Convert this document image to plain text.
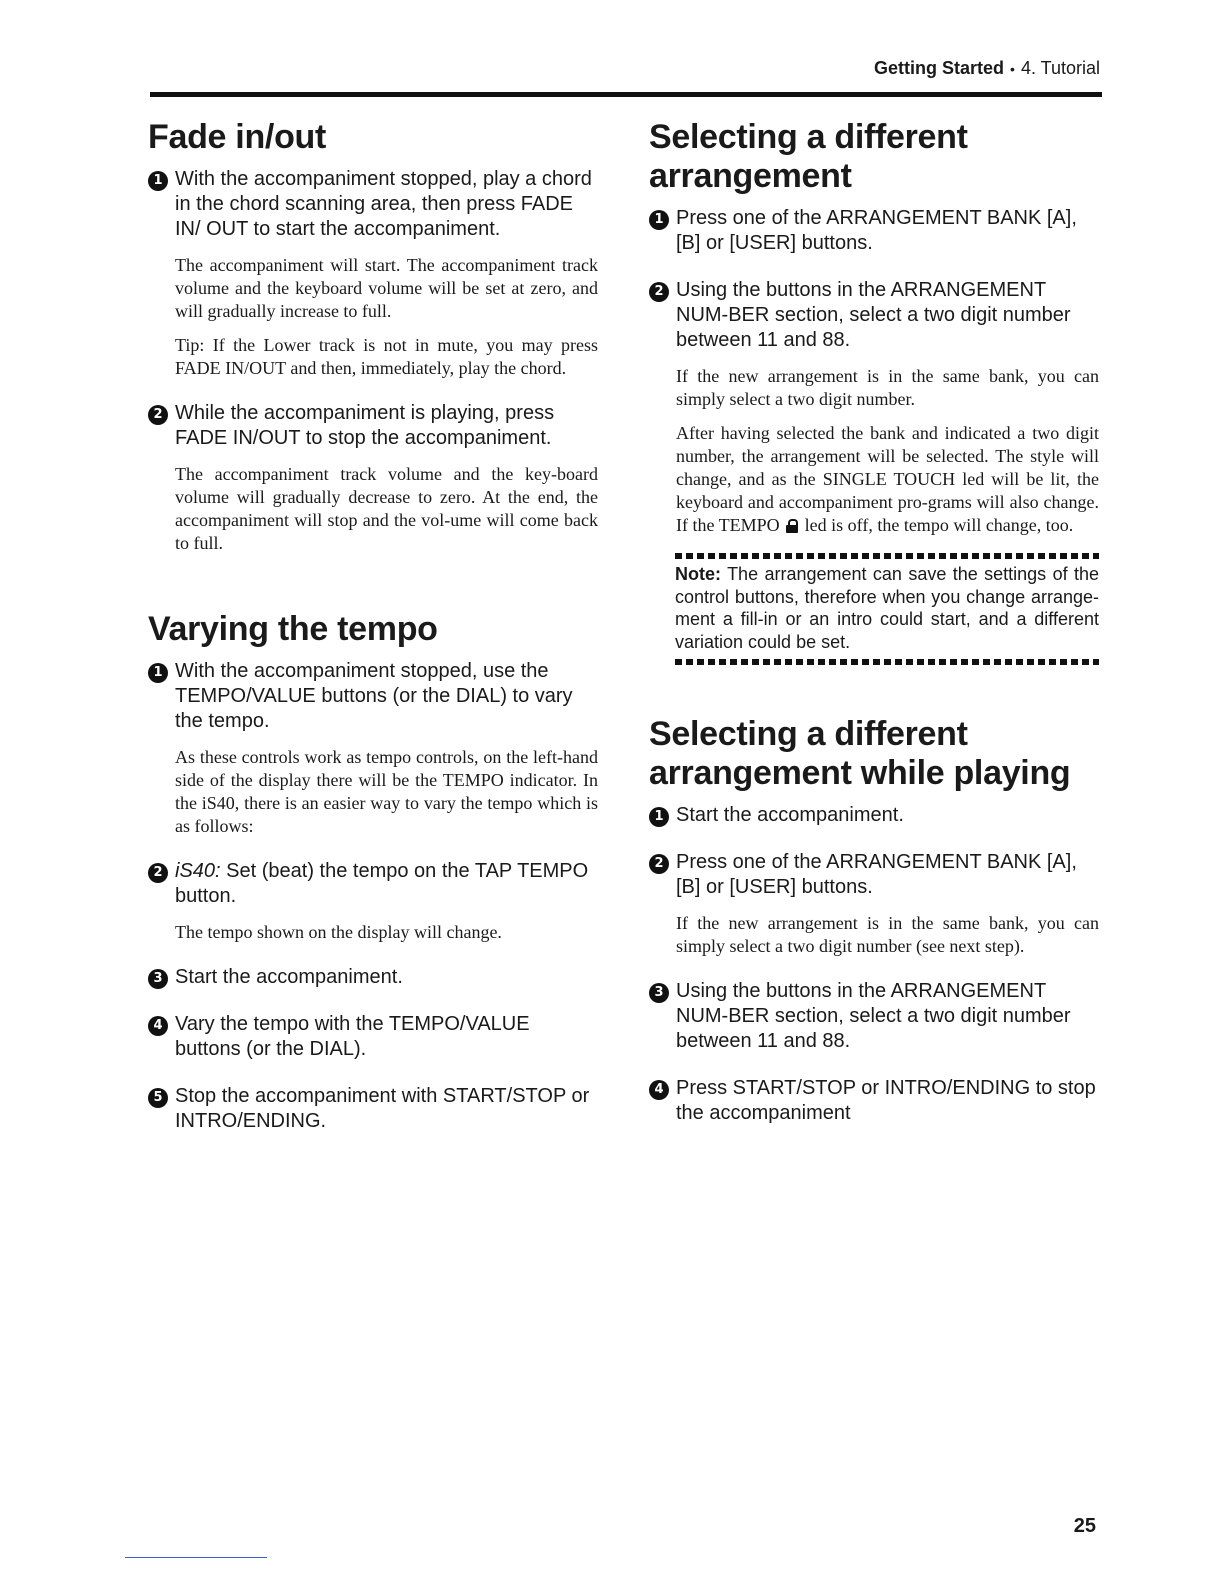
Getting Started • 4. Tutorial
Fade in/out
1 With the accompaniment stopped, play a chord in the chord scanning area, then press FADE IN/ OUT to start the accompaniment.

The accompaniment will start. The accompaniment track volume and the keyboard volume will be set at zero, and will gradually increase to full.

Tip: If the Lower track is not in mute, you may press FADE IN/OUT and then, immediately, play the chord.

2 While the accompaniment is playing, press FADE IN/OUT to stop the accompaniment.

The accompaniment track volume and the key-board volume will gradually decrease to zero. At the end, the accompaniment will stop and the vol-ume will come back to full.

Varying the tempo
1 With the accompaniment stopped, use the TEMPO/VALUE buttons (or the DIAL) to vary the tempo.

As these controls work as tempo controls, on the left-hand side of the display there will be the TEMPO indicator. In the iS40, there is an easier way to vary the tempo which is as follows:

2 iS40: Set (beat) the tempo on the TAP TEMPO button.

The tempo shown on the display will change.

3 Start the accompaniment.
4 Vary the tempo with the TEMPO/VALUE buttons (or the DIAL).
5 Stop the accompaniment with START/STOP or INTRO/ENDING.
Selecting a different arrangement
1 Press one of the ARRANGEMENT BANK [A], [B] or [USER] buttons.
2 Using the buttons in the ARRANGEMENT NUM-BER section, select a two digit number between 11 and 88.

If the new arrangement is in the same bank, you can simply select a two digit number.

After having selected the bank and indicated a two digit number, the arrangement will be selected. The style will change, and as the SINGLE TOUCH led will be lit, the keyboard and accompaniment pro-grams will also change. If the TEMPO
led is off, the tempo will change, too.

Note: The arrangement can save the settings of the control buttons, therefore when you change arrange-ment a fill-in or an intro could start, and a different variation could be set.
Selecting a different arrangement while playing
1 Start the accompaniment.
2 Press one of the ARRANGEMENT BANK [A], [B] or [USER] buttons.

If the new arrangement is in the same bank, you can simply select a two digit number (see next step).

3 Using the buttons in the ARRANGEMENT NUM-BER section, select a two digit number between 11 and 88.
4 Press START/STOP or INTRO/ENDING to stop the accompaniment
25
